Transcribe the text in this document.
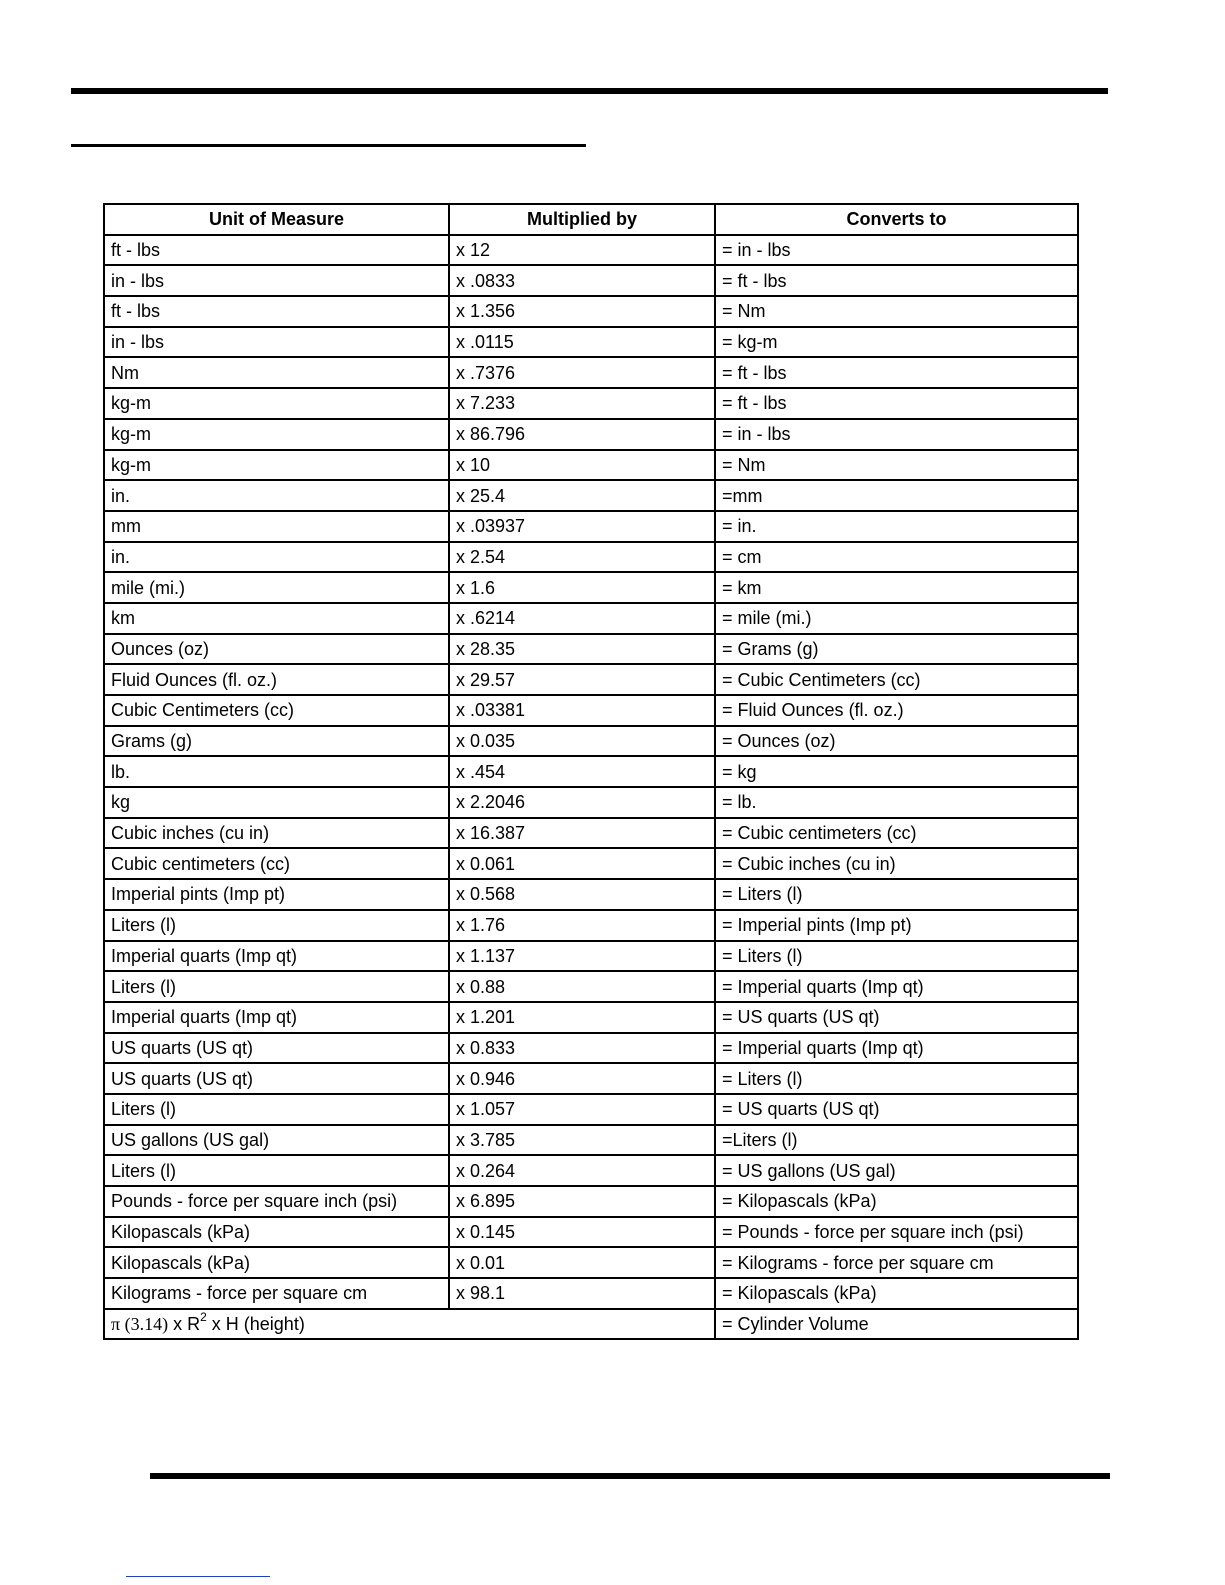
Unit of Measure	Multiplied by	Converts to
ft - lbs	x 12	= in - lbs
in - lbs	x .0833	= ft - lbs
ft - lbs	x 1.356	= Nm
in - lbs	x .0115	= kg-m
Nm	x .7376	= ft - lbs
kg-m	x 7.233	= ft - lbs
kg-m	x 86.796	= in - lbs
kg-m	x 10	= Nm
in.	x 25.4	=mm
mm	x .03937	= in.
in.	x 2.54	= cm
mile (mi.)	x 1.6	= km
km	x .6214	= mile (mi.)
Ounces (oz)	x 28.35	= Grams (g)
Fluid Ounces (fl. oz.)	x 29.57	= Cubic Centimeters (cc)
Cubic Centimeters (cc)	x .03381	= Fluid Ounces (fl. oz.)
Grams (g)	x 0.035	= Ounces (oz)
lb.	x .454	= kg
kg	x 2.2046	= lb.
Cubic inches (cu in)	x 16.387	= Cubic centimeters (cc)
Cubic centimeters (cc)	x 0.061	= Cubic inches (cu in)
Imperial pints (Imp pt)	x 0.568	= Liters (l)
Liters (l)	x 1.76	= Imperial pints (Imp pt)
Imperial quarts (Imp qt)	x 1.137	= Liters (l)
Liters (l)	x 0.88	= Imperial quarts (Imp qt)
Imperial quarts (Imp qt)	x 1.201	= US quarts (US qt)
US quarts (US qt)	x 0.833	= Imperial quarts (Imp qt)
US quarts (US qt)	x 0.946	= Liters (l)
Liters (l)	x 1.057	= US quarts (US qt)
US gallons (US gal)	x 3.785	=Liters (l)
Liters (l)	x 0.264	= US gallons (US gal)
Pounds - force per square inch (psi)	x 6.895	= Kilopascals (kPa)
Kilopascals (kPa)	x 0.145	= Pounds - force per square inch (psi)
Kilopascals (kPa)	x 0.01	= Kilograms - force per square cm
Kilograms - force per square cm	x 98.1	= Kilopascals (kPa)
π (3.14) x $R^2$ x H (height)		= Cylinder Volume
